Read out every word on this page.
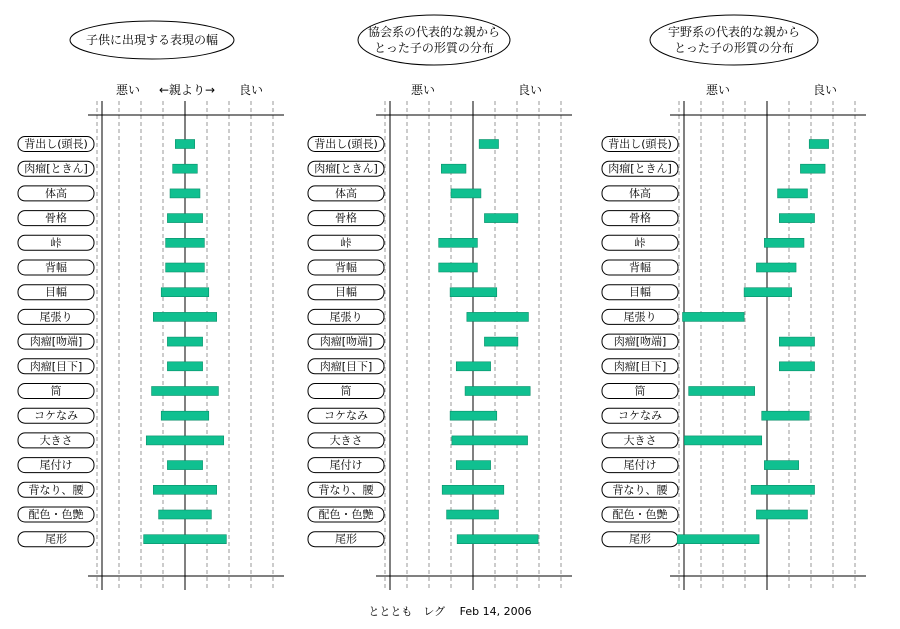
子供に出現する表現の幅
悪い ←親より→ 良い
背出し(頭長)
肉瘤[ときん]
体高
骨格
峠
背幅
目幅
尾張り
肉瘤[吻端]
肉瘤[目下]
筒
コケなみ
大きさ
尾付け
背なり、腰
配色・色艶
尾形
協会系の代表的な親から
とった子の形質の分布
悪い	良い
背出し(頭長)
肉瘤[ときん]
体高
骨格
峠
背幅
目幅
尾張り
肉瘤[吻端]
肉瘤[目下]
筒
コケなみ
大きさ
尾付け
背なり、腰
配色・色艶
尾形
宇野系の代表的な親から
とった子の形質の分布
悪い	良い
背出し(頭長)
肉瘤[ときん]
体高
骨格
峠
背幅
目幅
尾張り
肉瘤[吻端]
肉瘤[目下]
筒
コケなみ
大きさ
尾付け
背なり、腰
配色・色艶
尾形
とととも　レグ　 Feb 14, 2006
